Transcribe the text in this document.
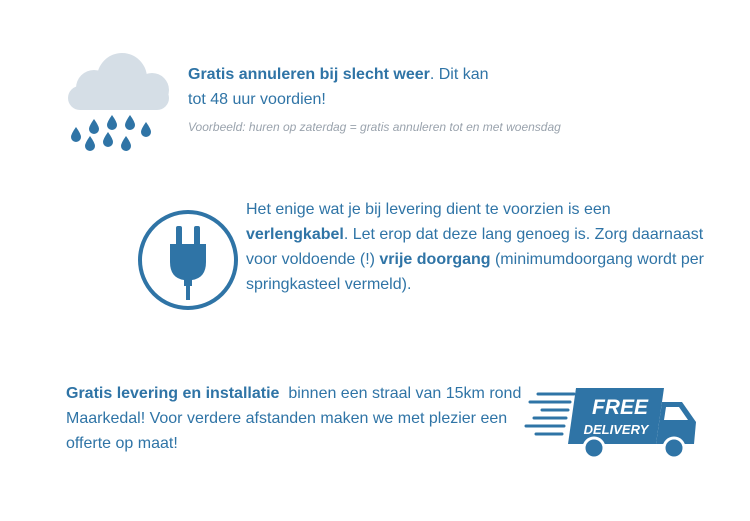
Gratis annuleren bij slecht weer. Dit kan
tot 48 uur voordien!
Voorbeeld: huren op zaterdag = gratis annuleren tot en met woensdag
Het enige wat je bij levering dient te voorzien is een verlengkabel. Let erop dat deze lang genoeg is. Zorg daarnaast voor voldoende (!) vrije doorgang (minimumdoorgang wordt per springkasteel vermeld).
Gratis levering en installatie  binnen een straal van 15km rond Maarkedal! Voor verdere afstanden maken we met plezier een offerte op maat!
FREE
DELIVERY
